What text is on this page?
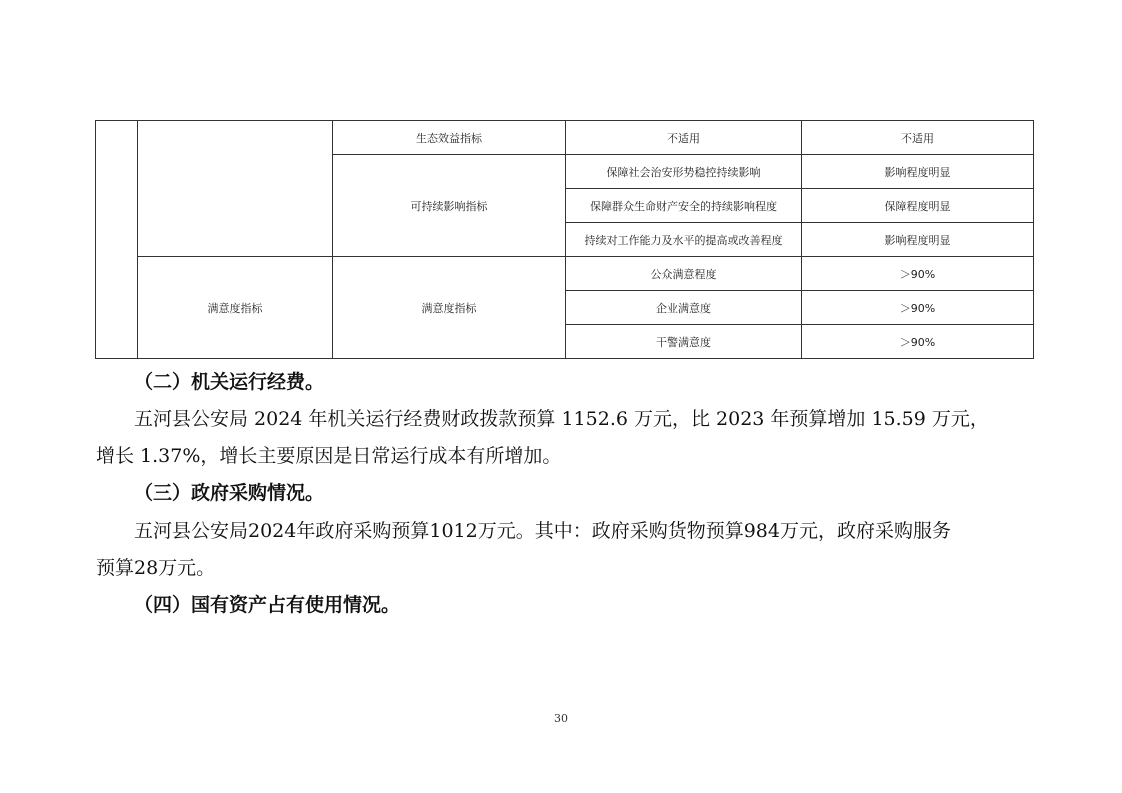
		生态效益指标	不适用	不适用
		可持续影响指标	保障社会治安形势稳控持续影响	影响程度明显
			保障群众生命财产安全的持续影响程度	保障程度明显
			持续对工作能力及水平的提高或改善程度	影响程度明显
	满意度指标	满意度指标	公众满意程度	＞90%
			企业满意度	＞90%
			干警满意度	＞90%

（二）机关运行经费。

五河县公安局 2024 年机关运行经费财政拨款预算 1152.6 万元，比 2023 年预算增加 15.59 万元，

增长 1.37%，增长主要原因是日常运行成本有所增加。

（三）政府采购情况。

五河县公安局2024年政府采购预算1012万元。其中：政府采购货物预算984万元，政府采购服务

预算28万元。

（四）国有资产占有使用情况。

30
